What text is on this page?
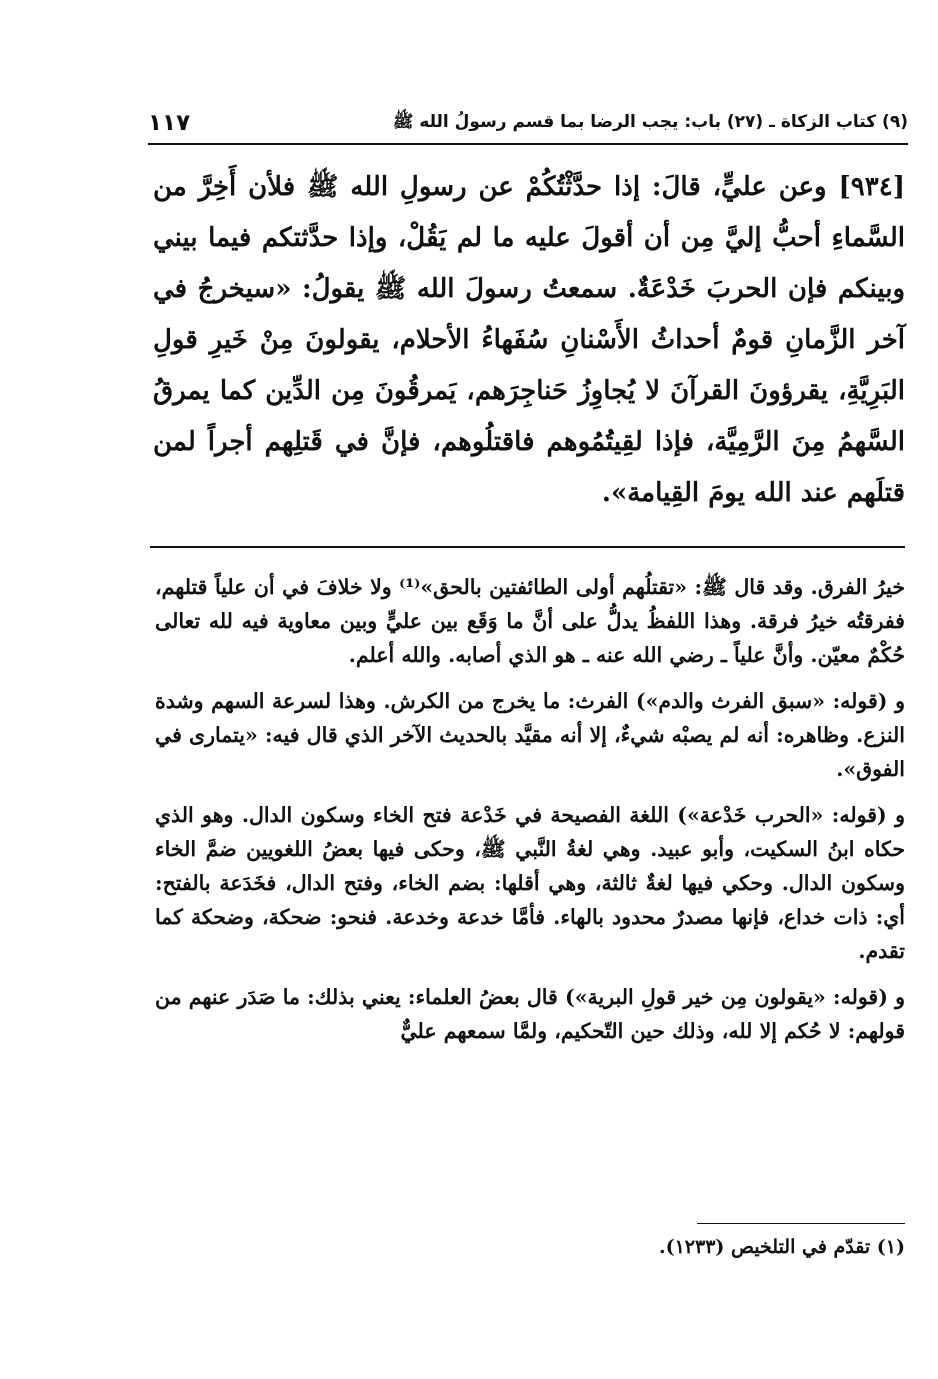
(٩) كتاب الزكاة ـ (٢٧) باب: يجب الرضا بما قسم رسولُ الله ﷺ
١١٧

[٩٣٤] وعن عليٍّ، قالَ: إذا حدَّثْتُكُمْ عن رسولِ الله ﷺ فلأن أَخِرَّ من السَّماءِ أحبُّ إليَّ مِن أن أقولَ عليه ما لم يَقُلْ، وإذا حدَّثتكم فيما بيني وبينكم فإن الحربَ خَدْعَةٌ. سمعتُ رسولَ الله ﷺ يقولُ: «سيخرجُ في آخر الزَّمانِ قومٌ أحداثُ الأَسْنانِ سُفَهاءُ الأحلام، يقولونَ مِنْ خَيرِ قولِ البَرِيَّةِ، يقرؤونَ القرآنَ لا يُجاوِزُ حَناجِرَهم، يَمرقُونَ مِن الدِّين كما يمرقُ السَّهمُ مِنَ الرَّمِيَّة، فإذا لقِيتُمُوهم فاقتلُوهم، فإنَّ في قَتلِهم أجراً لمن قتلَهم عند الله يومَ القِيامة».

خيرُ الفرق. وقد قال ﷺ: «تقتلُهم أولى الطائفتين بالحق»⁽¹⁾ ولا خلافَ في أن علياً قتلهم، ففرقتُه خيرُ فرقة. وهذا اللفظُ يدلُّ على أنَّ ما وَقَع بين عليٍّ وبين معاوية فيه لله تعالى حُكْمٌ معيّن. وأنَّ علياً ـ رضي الله عنه ـ هو الذي أصابه. والله أعلم.

و (قوله: «سبق الفرث والدم») الفرث: ما يخرج من الكرش. وهذا لسرعة السهم وشدة النزع. وظاهره: أنه لم يصبْه شيءٌ، إلا أنه مقيَّد بالحديث الآخر الذي قال فيه: «يتمارى في الفوق».

و (قوله: «الحرب خَدْعة») اللغة الفصيحة في خَدْعة فتح الخاء وسكون الدال. وهو الذي حكاه ابنُ السكيت، وأبو عبيد. وهي لغةُ النَّبي ﷺ، وحكى فيها بعضُ اللغويين ضمَّ الخاء وسكون الدال. وحكي فيها لغةٌ ثالثة، وهي أقلها: بضم الخاء، وفتح الدال، فخَدَعة بالفتح: أي: ذات خداع، فإنها مصدرٌ محدود بالهاء. فأمَّا خدعة وخدعة. فنحو: ضحكة، وضحكة كما تقدم.

و (قوله: «يقولون مِن خير قولِ البرية») قال بعضُ العلماء: يعني بذلك: ما صَدَر عنهم من قولهم: لا حُكم إلا لله، وذلك حين التّحكيم، ولمَّا سمعهم عليٌّ

(١) تقدّم في التلخيص (١٢٣٣).
